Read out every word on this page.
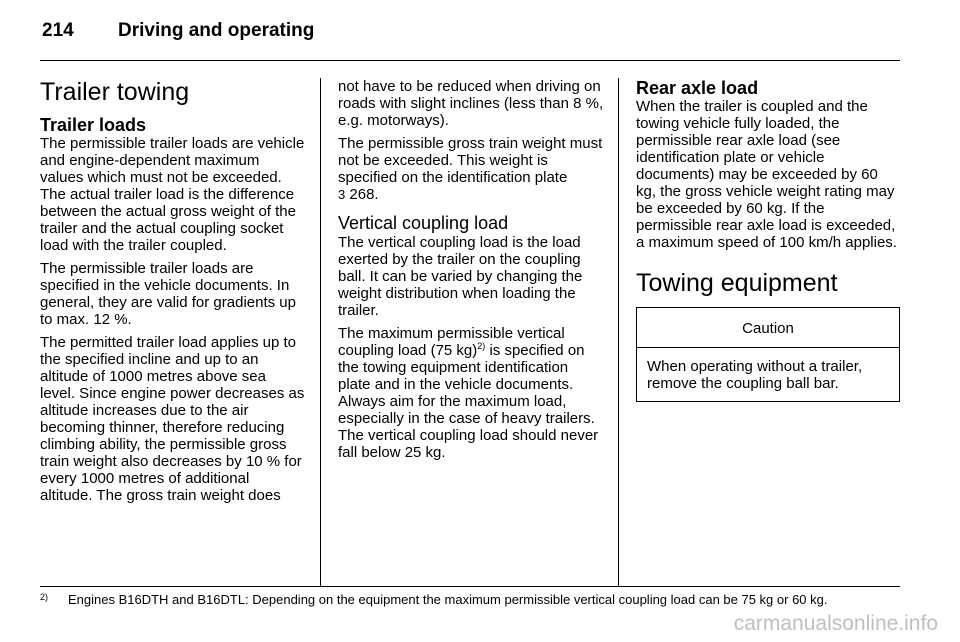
214 Driving and operating
Trailer towing
Trailer loads

The permissible trailer loads are vehicle and engine-dependent maximum values which must not be exceeded. The actual trailer load is the difference between the actual gross weight of the trailer and the actual coupling socket load with the trailer coupled.

The permissible trailer loads are specified in the vehicle documents. In general, they are valid for gradients up to max. 12 %.

The permitted trailer load applies up to the specified incline and up to an altitude of 1000 metres above sea level. Since engine power decreases as altitude increases due to the air becoming thinner, therefore reducing climbing ability, the permissible gross train weight also decreases by 10 % for every 1000 metres of additional altitude. The gross train weight does

not have to be reduced when driving on roads with slight inclines (less than 8 %, e.g. motorways).

The permissible gross train weight must not be exceeded. This weight is specified on the identification plate
3 268.

Vertical coupling load

The vertical coupling load is the load exerted by the trailer on the coupling ball. It can be varied by changing the weight distribution when loading the trailer.

The maximum permissible vertical coupling load (75 kg)$^{2)}$ is specified on the towing equipment identification plate and in the vehicle documents. Always aim for the maximum load, especially in the case of heavy trailers. The vertical coupling load should never fall below 25 kg.

Rear axle load

When the trailer is coupled and the towing vehicle fully loaded, the permissible rear axle load (see identification plate or vehicle documents) may be exceeded by 60 kg, the gross vehicle weight rating may be exceeded by 60 kg. If the permissible rear axle load is exceeded, a maximum speed of 100 km/h applies.

Towing equipment
Caution
When operating without a trailer, remove the coupling ball bar.
2) Engines B16DTH and B16DTL: Depending on the equipment the maximum permissible vertical coupling load can be 75 kg or 60 kg.
carmanualsonline.info
